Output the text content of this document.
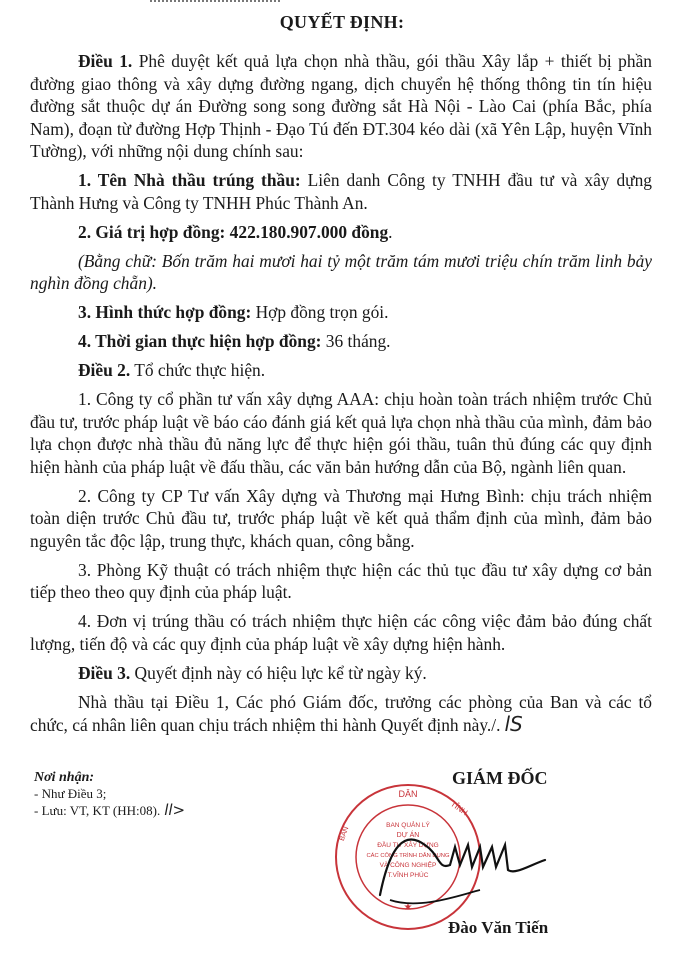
QUYẾT ĐỊNH:

Điều 1. Phê duyệt kết quả lựa chọn nhà thầu, gói thầu Xây lắp + thiết bị phần đường giao thông và xây dựng đường ngang, dịch chuyển hệ thống thông tin tín hiệu đường sắt thuộc dự án Đường song song đường sắt Hà Nội - Lào Cai (phía Bắc, phía Nam), đoạn từ đường Hợp Thịnh - Đạo Tú đến ĐT.304 kéo dài (xã Yên Lập, huyện Vĩnh Tường), với những nội dung chính sau:

1. Tên Nhà thầu trúng thầu: Liên danh Công ty TNHH đầu tư và xây dựng Thành Hưng và Công ty TNHH Phúc Thành An.

2. Giá trị hợp đồng: 422.180.907.000 đồng.

(Bằng chữ: Bốn trăm hai mươi hai tỷ một trăm tám mươi triệu chín trăm linh bảy nghìn đồng chẵn).

3. Hình thức hợp đồng: Hợp đồng trọn gói.

4. Thời gian thực hiện hợp đồng: 36 tháng.

Điều 2. Tổ chức thực hiện.

1. Công ty cổ phần tư vấn xây dựng AAA: chịu hoàn toàn trách nhiệm trước Chủ đầu tư, trước pháp luật về báo cáo đánh giá kết quả lựa chọn nhà thầu của mình, đảm bảo lựa chọn được nhà thầu đủ năng lực để thực hiện gói thầu, tuân thủ đúng các quy định hiện hành của pháp luật về đấu thầu, các văn bản hướng dẫn của Bộ, ngành liên quan.

2. Công ty CP Tư vấn Xây dựng và Thương mại Hưng Bình: chịu trách nhiệm toàn diện trước Chủ đầu tư, trước pháp luật về kết quả thẩm định của mình, đảm bảo nguyên tắc độc lập, trung thực, khách quan, công bằng.

3. Phòng Kỹ thuật có trách nhiệm thực hiện các thủ tục đầu tư xây dựng cơ bản tiếp theo theo quy định của pháp luật.

4. Đơn vị trúng thầu có trách nhiệm thực hiện các công việc đảm bảo đúng chất lượng, tiến độ và các quy định của pháp luật về xây dựng hiện hành.

Điều 3. Quyết định này có hiệu lực kể từ ngày ký.

Nhà thầu tại Điều 1, Các phó Giám đốc, trưởng các phòng của Ban và các tổ chức, cá nhân liên quan chịu trách nhiệm thi hành Quyết định này./. lS

Nơi nhận:
- Như Điều 3;
- Lưu: VT, KT (HH:08). ll>
GIÁM ĐỐC
BAN
DÂN
TỈNH
BAN QUẢN LÝ
DỰ ÁN
ĐẦU TƯ XÂY DỰNG
CÁC CÔNG TRÌNH DÂN DỤNG
VÀ CÔNG NGHIỆP
T.VĨNH PHÚC
★
Đào Văn Tiến
